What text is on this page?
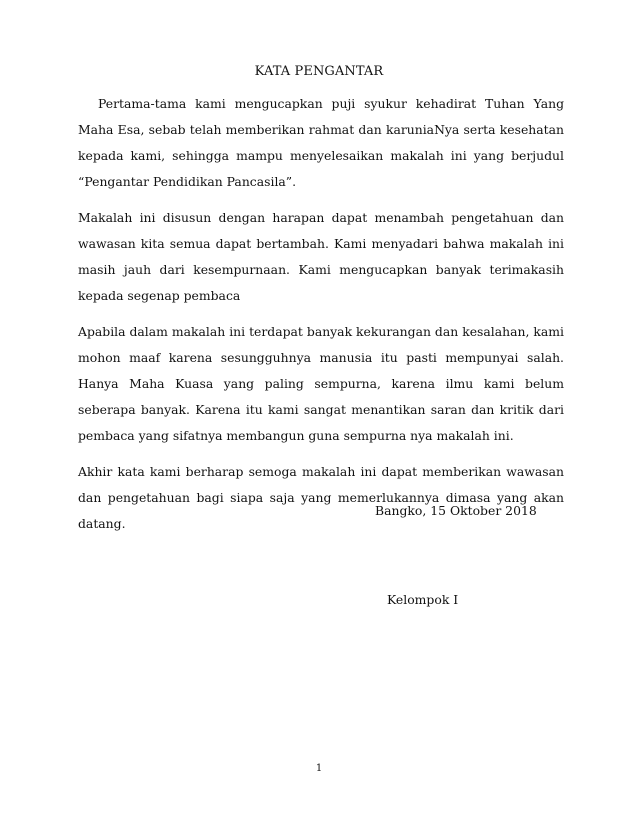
KATA PENGANTAR

Pertama-tama kami mengucapkan puji syukur kehadirat Tuhan Yang Maha Esa, sebab telah memberikan rahmat dan karuniaNya serta kesehatan kepada kami, sehingga mampu menyelesaikan makalah ini yang berjudul “Pengantar Pendidikan Pancasila”.

Makalah ini disusun dengan harapan dapat menambah pengetahuan dan wawasan kita semua dapat bertambah. Kami menyadari bahwa makalah ini masih jauh dari kesempurnaan. Kami mengucapkan banyak terimakasih kepada segenap pembaca

Apabila dalam makalah ini terdapat banyak kekurangan dan kesalahan, kami mohon maaf karena sesungguhnya manusia itu pasti mempunyai salah. Hanya Maha Kuasa yang paling sempurna, karena ilmu kami belum seberapa banyak. Karena itu kami sangat menantikan saran dan kritik dari pembaca yang sifatnya membangun guna sempurna nya makalah ini.

Akhir kata kami berharap semoga makalah ini dapat memberikan wawasan dan pengetahuan bagi siapa saja yang memerlukannya dimasa yang akan datang.

Bangko, 15 Oktober 2018
Kelompok I
1
